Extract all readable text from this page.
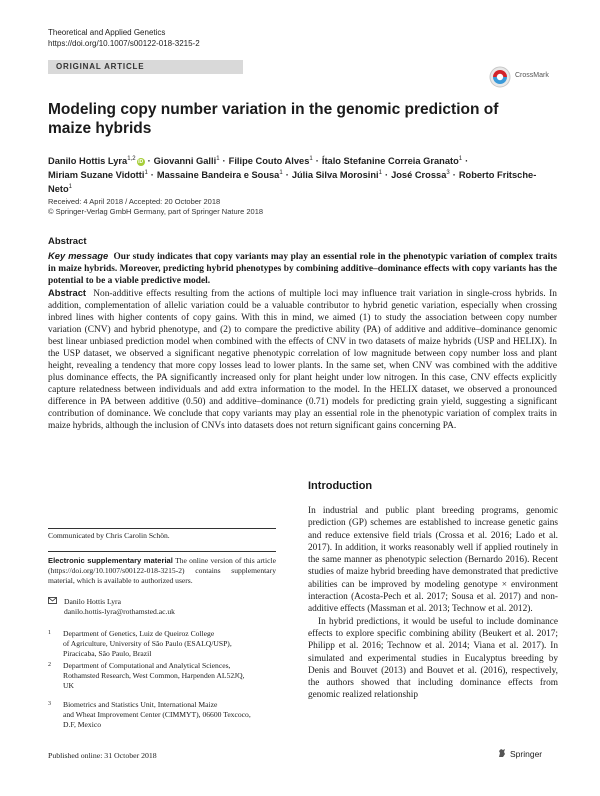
Theoretical and Applied Genetics
https://doi.org/10.1007/s00122-018-3215-2
ORIGINAL ARTICLE
CrossMark
Modeling copy number variation in the genomic prediction of maize hybrids
Danilo Hottis Lyra$^{1,2}$ iD · Giovanni Galli$^1$ · Filipe Couto Alves$^1$ · Ítalo Stefanine Correia Granato$^1$ ·
Miriam Suzane Vidotti$^1$ · Massaine Bandeira e Sousa$^1$ · Júlia Silva Morosini$^1$ · José Crossa$^3$ · Roberto Fritsche-Neto$^1$
Received: 4 April 2018 / Accepted: 20 October 2018
© Springer-Verlag GmbH Germany, part of Springer Nature 2018
Abstract
Key message Our study indicates that copy variants may play an essential role in the phenotypic variation of complex traits in maize hybrids. Moreover, predicting hybrid phenotypes by combining additive–dominance effects with copy variants has the potential to be a viable predictive model.
Abstract Non-additive effects resulting from the actions of multiple loci may influence trait variation in single-cross hybrids. In addition, complementation of allelic variation could be a valuable contributor to hybrid genetic variation, especially when crossing inbred lines with higher contents of copy gains. With this in mind, we aimed (1) to study the association between copy number variation (CNV) and hybrid phenotype, and (2) to compare the predictive ability (PA) of additive and additive–dominance genomic best linear unbiased prediction model when combined with the effects of CNV in two datasets of maize hybrids (USP and HELIX). In the USP dataset, we observed a significant negative phenotypic correlation of low magnitude between copy number loss and plant height, revealing a tendency that more copy losses lead to lower plants. In the same set, when CNV was combined with the additive plus dominance effects, the PA significantly increased only for plant height under low nitrogen. In this case, CNV effects explicitly capture relatedness between individuals and add extra information to the model. In the HELIX dataset, we observed a pronounced difference in PA between additive (0.50) and additive–dominance (0.71) models for predicting grain yield, suggesting a significant contribution of dominance. We conclude that copy variants may play an essential role in the phenotypic variation of complex traits in maize hybrids, although the inclusion of CNVs into datasets does not return significant gains concerning PA.
Communicated by Chris Carolin Schön.
Electronic supplementary material The online version of this article (https://doi.org/10.1007/s00122-018-3215-2) contains supplementary material, which is available to authorized users.
Danilo Hottis Lyra
danilo.hottis-lyra@rothamsted.ac.uk
1 Department of Genetics, Luiz de Queiroz College
of Agriculture, University of São Paulo (ESALQ/USP),
Piracicaba, São Paulo, Brazil
2 Department of Computational and Analytical Sciences,
Rothamsted Research, West Common, Harpenden AL52JQ,
UK
3 Biometrics and Statistics Unit, International Maize
and Wheat Improvement Center (CIMMYT), 06600 Texcoco,
D.F, Mexico
Published online: 31 October 2018
Introduction

In industrial and public plant breeding programs, genomic prediction (GP) schemes are established to increase genetic gains and reduce extensive field trials (Crossa et al. 2016; Lado et al. 2017). In addition, it works reasonably well if applied routinely in the same manner as phenotypic selection (Bernardo 2016). Recent studies of maize hybrid breeding have demonstrated that predictive abilities can be improved by modeling genotype × environment interaction (Acosta-Pech et al. 2017; Sousa et al. 2017) and non-additive effects (Massman et al. 2013; Technow et al. 2012).

In hybrid predictions, it would be useful to include dominance effects to explore specific combining ability (Beukert et al. 2017; Philipp et al. 2016; Technow et al. 2014; Viana et al. 2017). In simulated and experimental studies in Eucalyptus breeding by Denis and Bouvet (2013) and Bouvet et al. (2016), respectively, the authors showed that including dominance effects from genomic realized relationship

Springer
